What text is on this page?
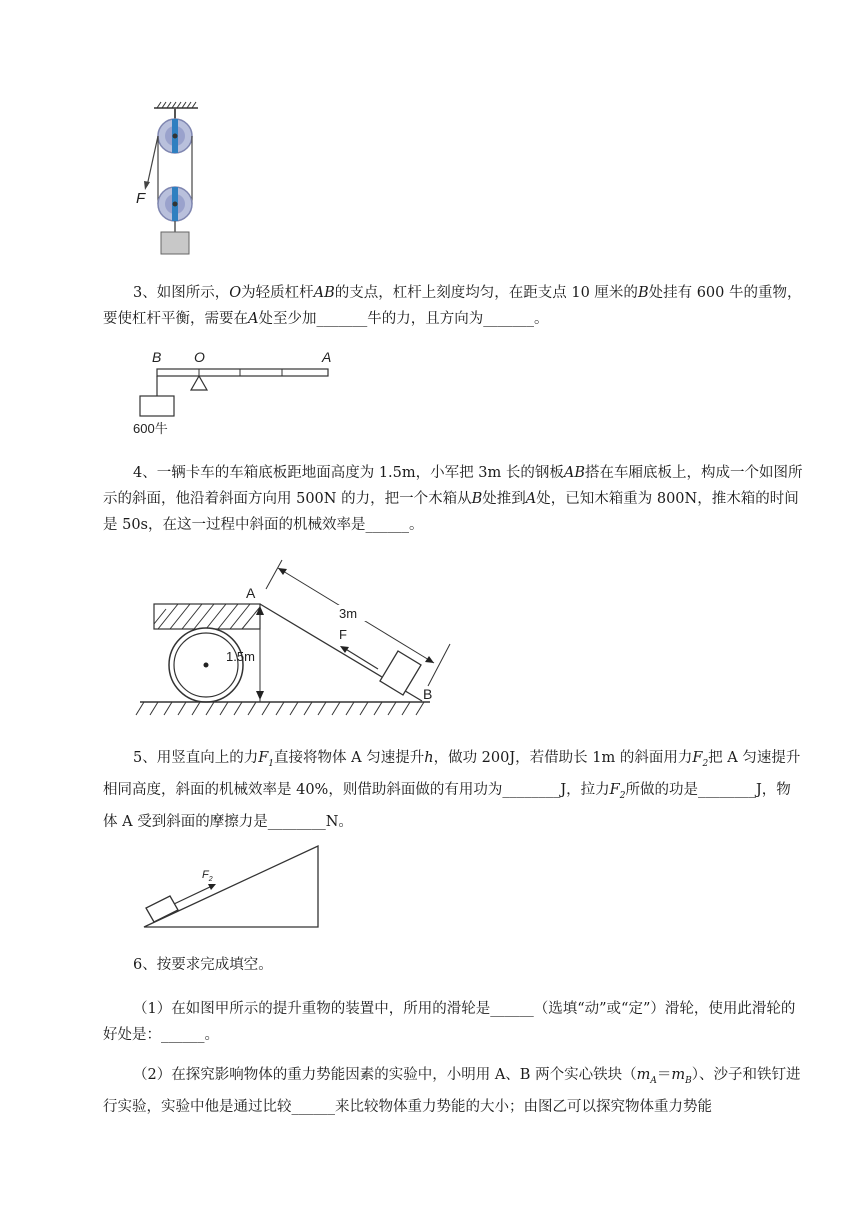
F
3、如图所示，O为轻质杠杆AB的支点，杠杆上刻度均匀，在距支点 10 厘米的B处挂有 600 牛的重物，要使杠杆平衡，需要在A处至少加_______牛的力，且方向为_______。
B O	A
600牛
4、一辆卡车的车箱底板距地面高度为 1.5m，小军把 3m 长的钢板AB搭在车厢底板上，构成一个如图所示的斜面，他沿着斜面方向用 500N 的力，把一个木箱从B处推到A处，已知木箱重为 800N，推木箱的时间是 50s，在这一过程中斜面的机械效率是______。
1.5m
A
B
F
3m
5、用竖直向上的力$F_1$直接将物体 A 匀速提升h，做功 200J，若借助长 1m 的斜面用力$F_2$把 A 匀速提升相同高度，斜面的机械效率是 40%，则借助斜面做的有用功为________J，拉力$F_2$所做的功是________J，物体 A 受到斜面的摩擦力是________N。
$F_2$
6、按要求完成填空。
（1）在如图甲所示的提升重物的装置中，所用的滑轮是______（选填“动”或“定”）滑轮，使用此滑轮的好处是：______。
（2）在探究影响物体的重力势能因素的实验中，小明用 A、B 两个实心铁块$(m_A=m_B)$、沙子和铁钉进行实验，实验中他是通过比较______来比较物体重力势能的大小；由图乙可以探究物体重力势能
